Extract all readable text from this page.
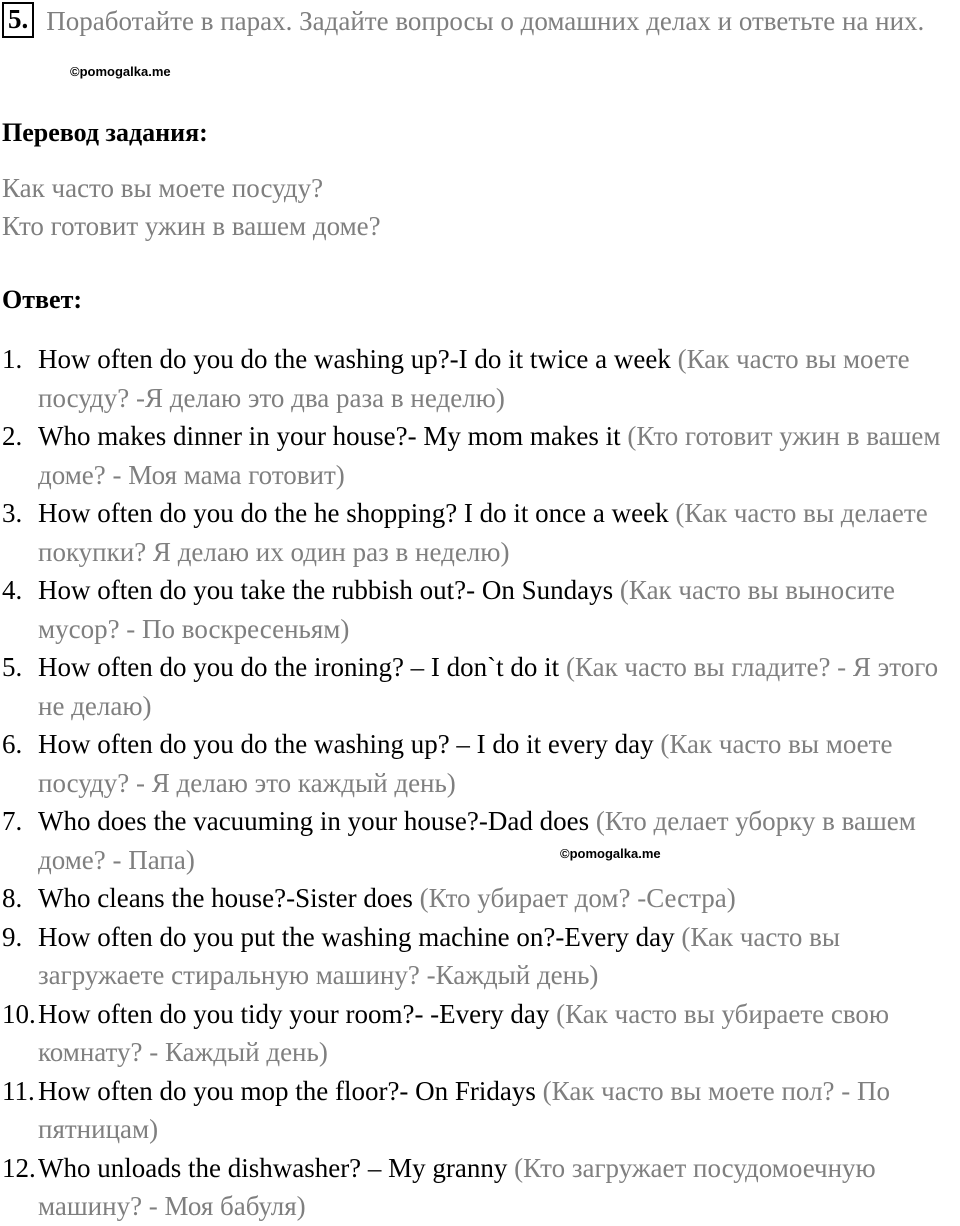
5. Поработайте в парах. Задайте вопросы о домашних делах и ответьте на них.
©pomogalka.me
Перевод задания:
Как часто вы моете посуду?
Кто готовит ужин в вашем доме?
Ответ:
1. How often do you do the washing up?-I do it twice a week (Как часто вы моете посуду? -Я делаю это два раза в неделю)
2. Who makes dinner in your house?- My mom makes it (Кто готовит ужин в вашем доме? - Моя мама готовит)
3. How often do you do the he shopping? I do it once a week (Как часто вы делаете покупки? Я делаю их один раз в неделю)
4. How often do you take the rubbish out?- On Sundays (Как часто вы выносите мусор? - По воскресеньям)
5. How often do you do the ironing? – I don`t do it (Как часто вы гладите? - Я этого не делаю)
6. How often do you do the washing up? – I do it every day (Как часто вы моете посуду? - Я делаю это каждый день)
7. Who does the vacuuming in your house?-Dad does (Кто делает уборку в вашем доме? - Папа)
8. Who cleans the house?-Sister does (Кто убирает дом? -Сестра)
9. How often do you put the washing machine on?-Every day (Как часто вы загружаете стиральную машину? -Каждый день)
10. How often do you tidy your room?- -Every day (Как часто вы убираете свою комнату? - Каждый день)
11. How often do you mop the floor?- On Fridays (Как часто вы моете пол? - По пятницам)
12. Who unloads the dishwasher? – My granny (Кто загружает посудомоечную машину? - Моя бабуля)
©pomogalka.me
